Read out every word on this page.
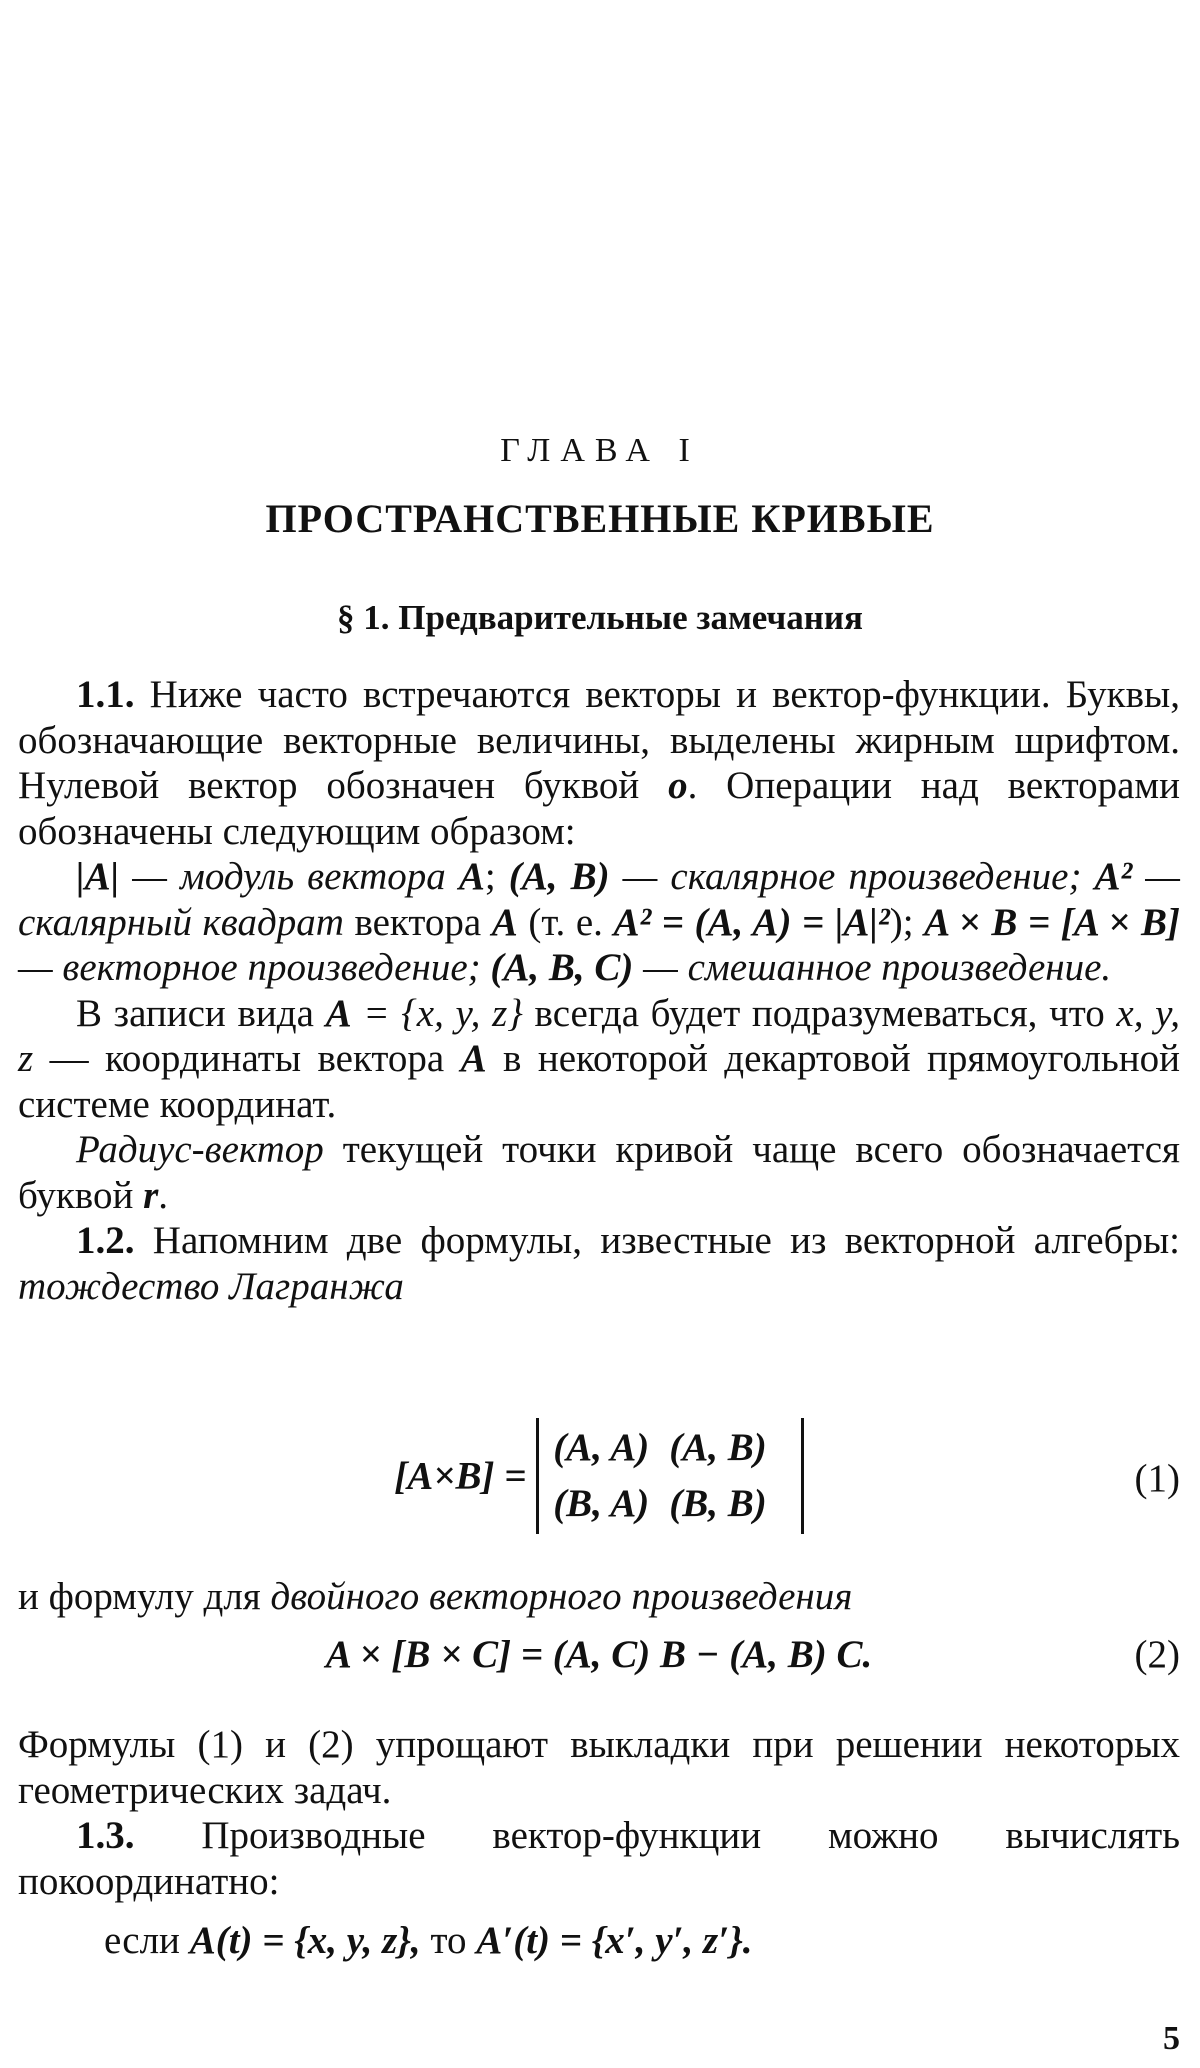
ГЛАВА I
ПРОСТРАНСТВЕННЫЕ КРИВЫЕ
§ 1. Предварительные замечания

1.1. Ниже часто встречаются векторы и вектор-функции. Буквы, обозначающие векторные величины, выделены жирным шрифтом. Нулевой вектор обозначен буквой o. Операции над векторами обозначены следующим образом:

|A| — модуль вектора A; (A, B) — скалярное произведение; A² — скалярный квадрат вектора A (т. е. A² = (A, A) = |A|²); A × B = [A × B] — векторное произведение; (A, B, C) — смешанное произведение.

В записи вида A = {x, y, z} всегда будет подразумеваться, что x, y, z — координаты вектора A в некоторой декартовой прямоугольной системе координат.

Радиус-вектор текущей точки кривой чаще всего обозначается буквой r.

1.2. Напомним две формулы, известные из векторной алгебры: тождество Лагранжа

[A×B] =
(A, A)	(A, B)
(B, A)	(B, B)
(1)

и формулу для двойного векторного произведения

A × [B × C] = (A, C) B − (A, B) C.	(2)

Формулы (1) и (2) упрощают выкладки при решении некоторых геометрических задач.

1.3. Производные вектор-функции можно вычислять покоординатно:

если A(t) = {x, y, z}, то A′(t) = {x′, y′, z′}.
5
